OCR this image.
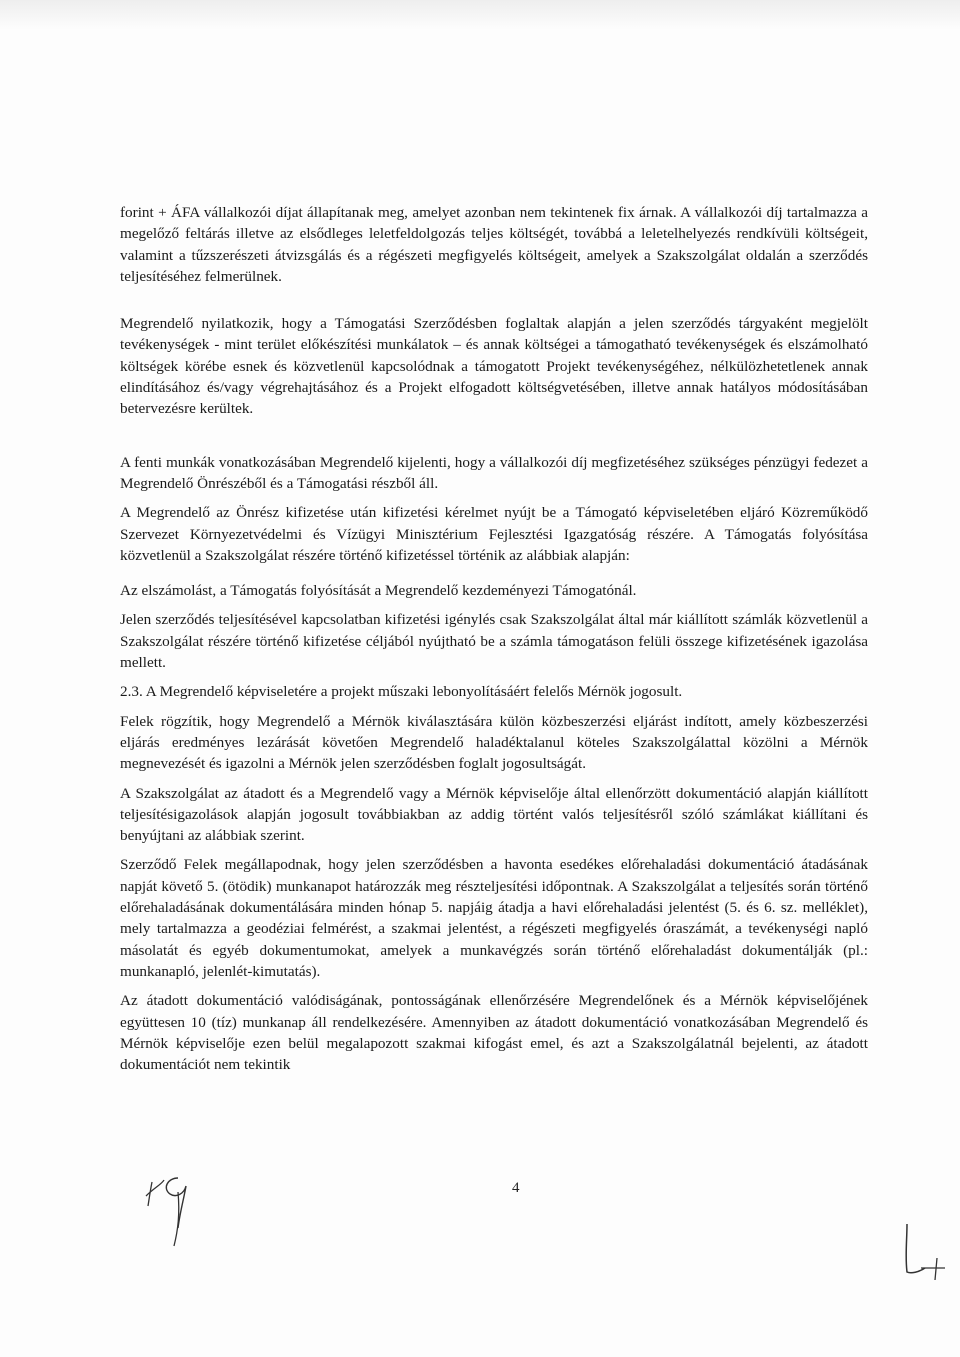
forint + ÁFA vállalkozói díjat állapítanak meg, amelyet azonban nem tekintenek fix árnak. A vállalkozói díj tartalmazza a megelőző feltárás illetve az elsődleges leletfeldolgozás teljes költségét, továbbá a leletelhelyezés rendkívüli költségeit, valamint a tűzszerészeti átvizsgálás és a régészeti megfigyelés költségeit, amelyek a Szakszolgálat oldalán a szerződés teljesítéséhez felmerülnek.

Megrendelő nyilatkozik, hogy a Támogatási Szerződésben foglaltak alapján a jelen szerződés tárgyaként megjelölt tevékenységek - mint terület előkészítési munkálatok – és annak költségei a támogatható tevékenységek és elszámolható költségek körébe esnek és közvetlenül kapcsolódnak a támogatott Projekt tevékenységéhez, nélkülözhetetlenek annak elindításához és/vagy végrehajtásához és a Projekt elfogadott költségvetésében, illetve annak hatályos módosításában betervezésre kerültek.

A fenti munkák vonatkozásában Megrendelő kijelenti, hogy a vállalkozói díj megfizetéséhez szükséges pénzügyi fedezet a Megrendelő Önrészéből és a Támogatási részből áll.

A Megrendelő az Önrész kifizetése után kifizetési kérelmet nyújt be a Támogató képviseletében eljáró Közreműködő Szervezet Környezetvédelmi és Vízügyi Minisztérium Fejlesztési Igazgatóság részére. A Támogatás folyósítása közvetlenül a Szakszolgálat részére történő kifizetéssel történik az alábbiak alapján:

Az elszámolást, a Támogatás folyósítását a Megrendelő kezdeményezi Támogatónál.

Jelen szerződés teljesítésével kapcsolatban kifizetési igénylés csak Szakszolgálat által már kiállított számlák közvetlenül a Szakszolgálat részére történő kifizetése céljából nyújtható be a számla támogatáson felüli összege kifizetésének igazolása mellett.

2.3. A Megrendelő képviseletére a projekt műszaki lebonyolításáért felelős Mérnök jogosult.

Felek rögzítik, hogy Megrendelő a Mérnök kiválasztására külön közbeszerzési eljárást indított, amely közbeszerzési eljárás eredményes lezárását követően Megrendelő haladéktalanul köteles Szakszolgálattal közölni a Mérnök megnevezését és igazolni a Mérnök jelen szerződésben foglalt jogosultságát.

A Szakszolgálat az átadott és a Megrendelő vagy a Mérnök képviselője által ellenőrzött dokumentáció alapján kiállított teljesítésigazolások alapján jogosult továbbiakban az addig történt valós teljesítésről szóló számlákat kiállítani és benyújtani az alábbiak szerint.

Szerződő Felek megállapodnak, hogy jelen szerződésben a havonta esedékes előrehaladási dokumentáció átadásának napját követő 5. (ötödik) munkanapot határozzák meg részteljesítési időpontnak. A Szakszolgálat a teljesítés során történő előrehaladásának dokumentálására minden hónap 5. napjáig átadja a havi előrehaladási jelentést (5. és 6. sz. melléklet), mely tartalmazza a geodéziai felmérést, a szakmai jelentést, a régészeti megfigyelés óraszámát, a tevékenységi napló másolatát és egyéb dokumentumokat, amelyek a munkavégzés során történő előrehaladást dokumentálják (pl.: munkanapló, jelenlét-kimutatás).

Az átadott dokumentáció valódiságának, pontosságának ellenőrzésére Megrendelőnek és a Mérnök képviselőjének együttesen 10 (tíz) munkanap áll rendelkezésére. Amennyiben az átadott dokumentáció vonatkozásában Megrendelő és Mérnök képviselője ezen belül megalapozott szakmai kifogást emel, és azt a Szakszolgálatnál bejelenti, az átadott dokumentációt nem tekintik

4
